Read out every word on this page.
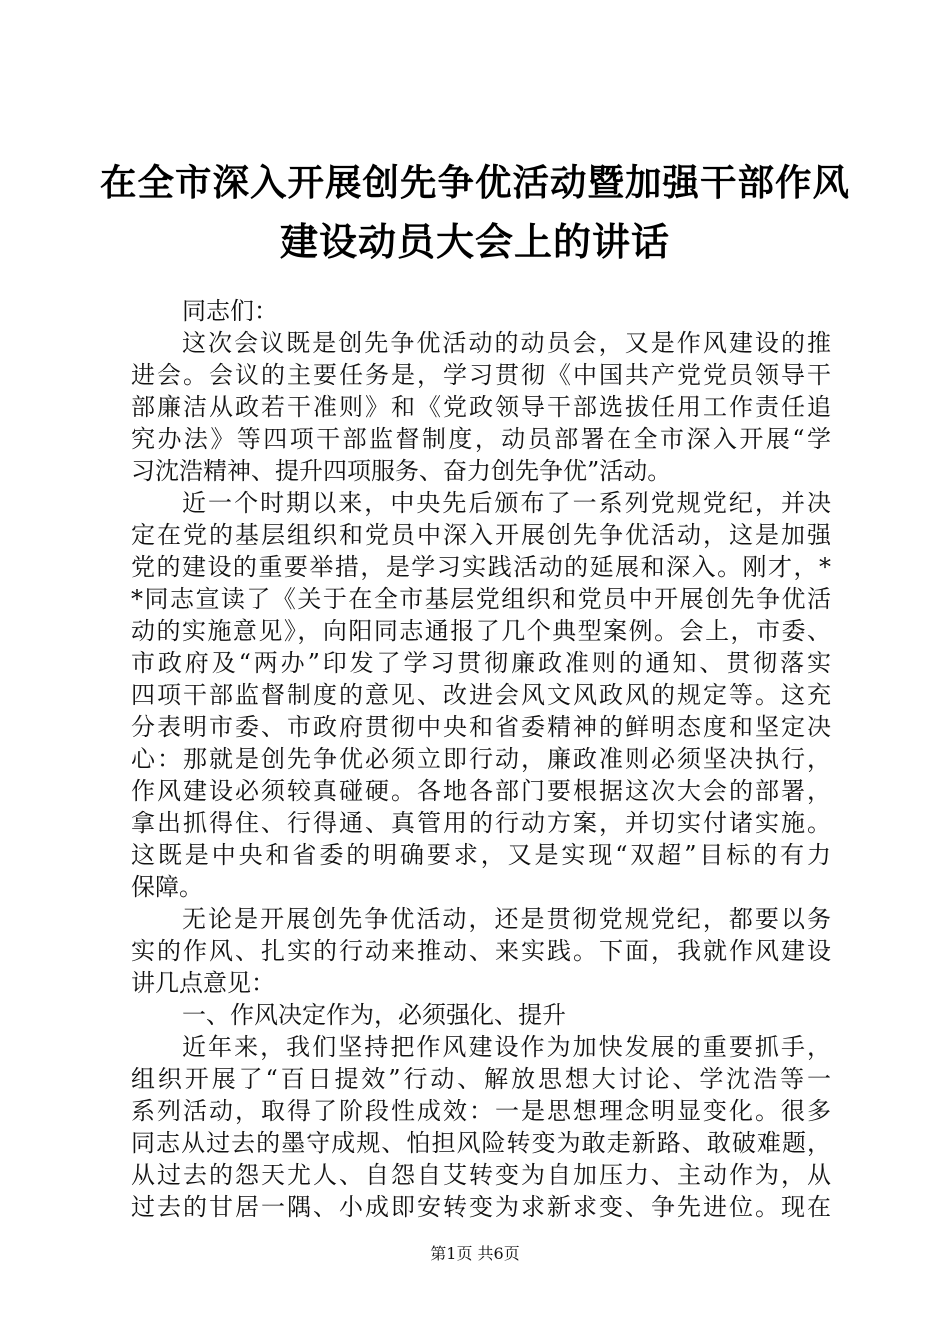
在全市深入开展创先争优活动暨加强干部作风
建设动员大会上的讲话
同志们：
这次会议既是创先争优活动的动员会，又是作风建设的推
进会。会议的主要任务是，学习贯彻《中国共产党党员领导干
部廉洁从政若干准则》和《党政领导干部选拔任用工作责任追
究办法》等四项干部监督制度，动员部署在全市深入开展“学
习沈浩精神、提升四项服务、奋力创先争优”活动。
近一个时期以来，中央先后颁布了一系列党规党纪，并决
定在党的基层组织和党员中深入开展创先争优活动，这是加强
党的建设的重要举措，是学习实践活动的延展和深入。刚才，*
*同志宣读了《关于在全市基层党组织和党员中开展创先争优活
动的实施意见》，向阳同志通报了几个典型案例。会上，市委、
市政府及“两办”印发了学习贯彻廉政准则的通知、贯彻落实
四项干部监督制度的意见、改进会风文风政风的规定等。这充
分表明市委、市政府贯彻中央和省委精神的鲜明态度和坚定决
心：那就是创先争优必须立即行动，廉政准则必须坚决执行，
作风建设必须较真碰硬。各地各部门要根据这次大会的部署，
拿出抓得住、行得通、真管用的行动方案，并切实付诸实施。
这既是中央和省委的明确要求，又是实现“双超”目标的有力
保障。
无论是开展创先争优活动，还是贯彻党规党纪，都要以务
实的作风、扎实的行动来推动、来实践。下面，我就作风建设
讲几点意见：
一、作风决定作为，必须强化、提升
近年来，我们坚持把作风建设作为加快发展的重要抓手，
组织开展了“百日提效”行动、解放思想大讨论、学沈浩等一
系列活动，取得了阶段性成效：一是思想理念明显变化。很多
同志从过去的墨守成规、怕担风险转变为敢走新路、敢破难题，
从过去的怨天尤人、自怨自艾转变为自加压力、主动作为，从
过去的甘居一隅、小成即安转变为求新求变、争先进位。现在
第1页 共6页
